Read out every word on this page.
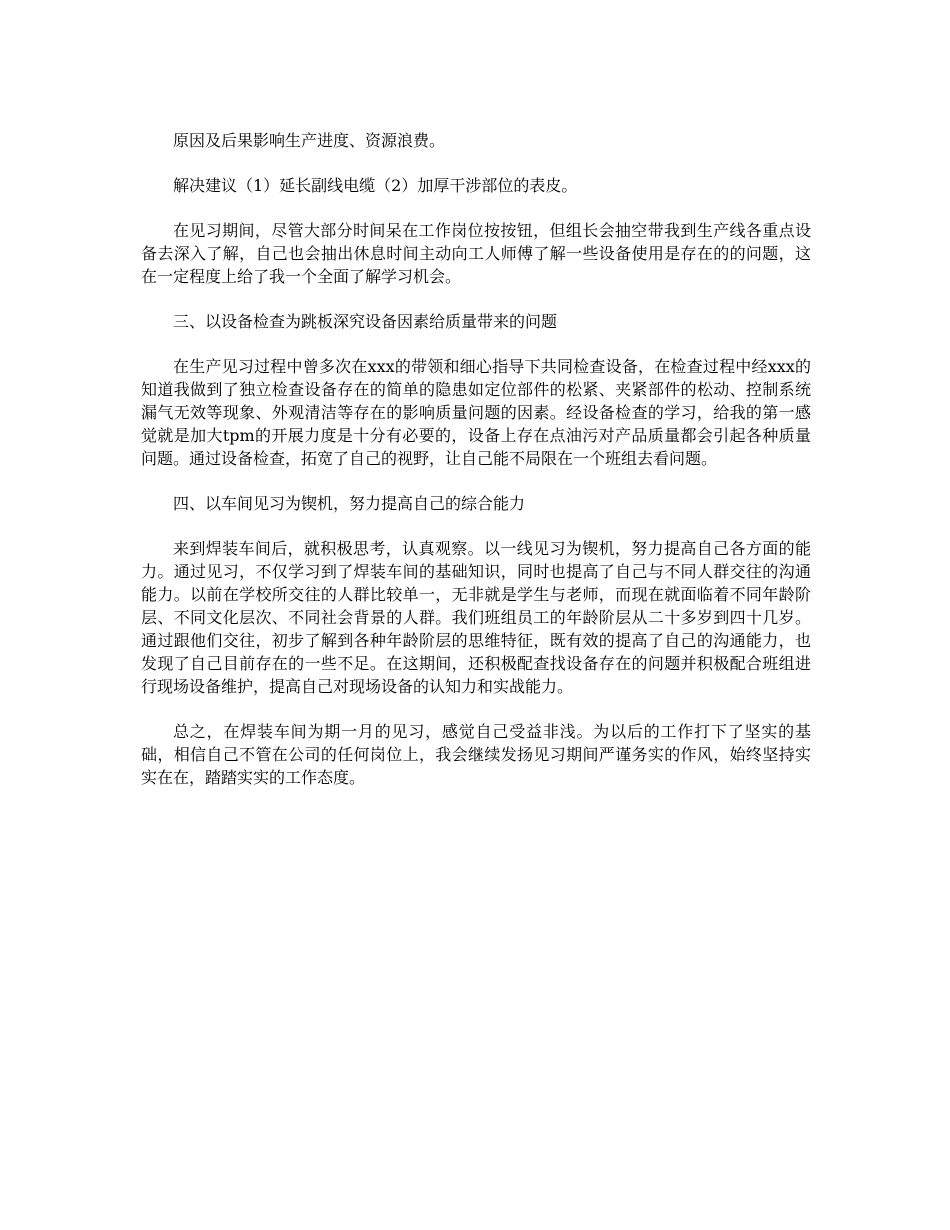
原因及后果影响生产进度、资源浪费。

解决建议（1）延长副线电缆（2）加厚干涉部位的表皮。

在见习期间，尽管大部分时间呆在工作岗位按按钮，但组长会抽空带我到生产线各重点设备去深入了解，自己也会抽出休息时间主动向工人师傅了解一些设备使用是存在的的问题，这在一定程度上给了我一个全面了解学习机会。

三、以设备检查为跳板深究设备因素给质量带来的问题

在生产见习过程中曾多次在xxx的带领和细心指导下共同检查设备，在检查过程中经xxx的知道我做到了独立检查设备存在的简单的隐患如定位部件的松紧、夹紧部件的松动、控制系统漏气无效等现象、外观清洁等存在的影响质量问题的因素。经设备检查的学习，给我的第一感觉就是加大tpm的开展力度是十分有必要的，设备上存在点油污对产品质量都会引起各种质量问题。通过设备检查，拓宽了自己的视野，让自己能不局限在一个班组去看问题。

四、以车间见习为锲机，努力提高自己的综合能力

来到焊装车间后，就积极思考，认真观察。以一线见习为锲机，努力提高自己各方面的能力。通过见习，不仅学习到了焊装车间的基础知识，同时也提高了自己与不同人群交往的沟通能力。以前在学校所交往的人群比较单一，无非就是学生与老师，而现在就面临着不同年龄阶层、不同文化层次、不同社会背景的人群。我们班组员工的年龄阶层从二十多岁到四十几岁。通过跟他们交往，初步了解到各种年龄阶层的思维特征，既有效的提高了自己的沟通能力，也发现了自己目前存在的一些不足。在这期间，还积极配查找设备存在的问题并积极配合班组进行现场设备维护，提高自己对现场设备的认知力和实战能力。

总之，在焊装车间为期一月的见习，感觉自己受益非浅。为以后的工作打下了坚实的基础，相信自己不管在公司的任何岗位上，我会继续发扬见习期间严谨务实的作风，始终坚持实实在在，踏踏实实的工作态度。
